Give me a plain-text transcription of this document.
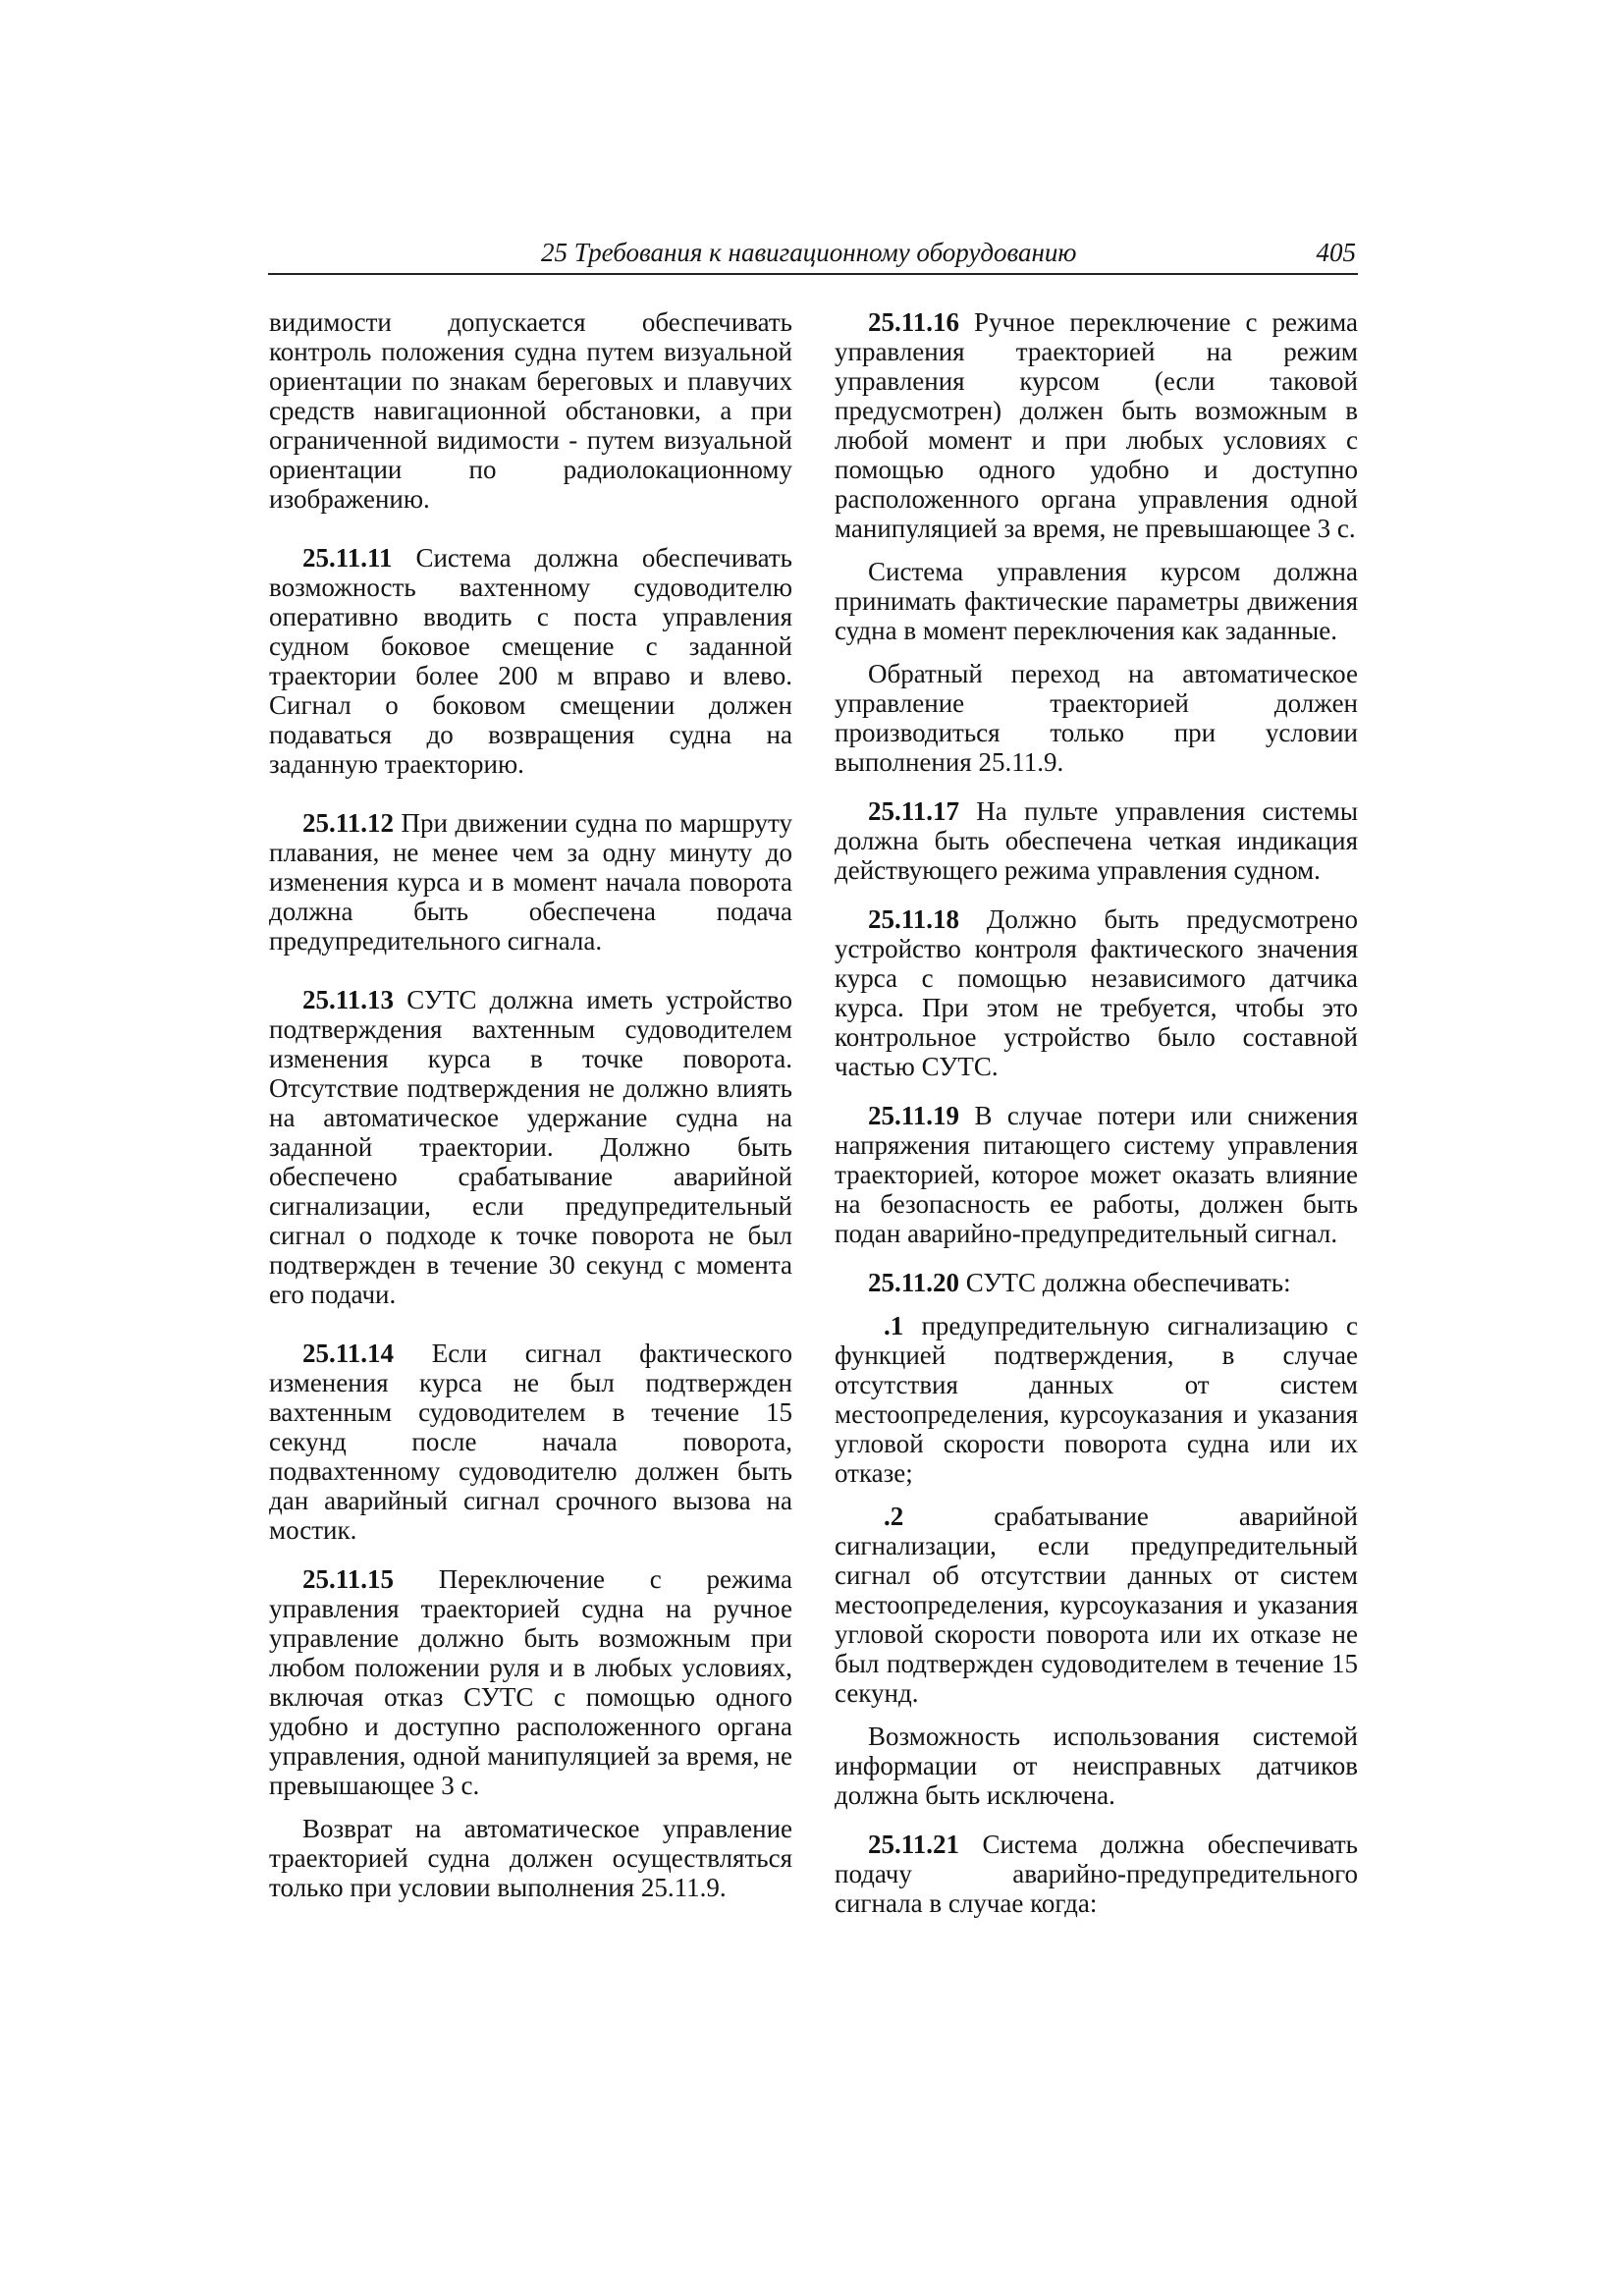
25 Требования к навигационному оборудованию	405

видимости допускается обеспечивать контроль положения судна путем визуальной ориентации по знакам береговых и плавучих средств навигационной обстановки, а при ограниченной видимости - путем визуальной ориентации по радиолокационному изображению.

25.11.11 Система должна обеспечивать возможность вахтенному судоводителю оперативно вводить с поста управления судном боковое смещение с заданной траектории более 200 м вправо и влево. Сигнал о боковом смещении должен подаваться до возвращения судна на заданную траекторию.

25.11.12 При движении судна по маршруту плавания, не менее чем за одну минуту до изменения курса и в момент начала поворота должна быть обеспечена подача предупредительного сигнала.

25.11.13 СУТС должна иметь устройство подтверждения вахтенным судоводителем изменения курса в точке поворота. Отсутствие подтверждения не должно влиять на автоматическое удержание судна на заданной траектории. Должно быть обеспечено срабатывание аварийной сигнализации, если предупредительный сигнал о подходе к точке поворота не был подтвержден в течение 30 секунд с момента его подачи.

25.11.14 Если сигнал фактического изменения курса не был подтвержден вахтенным судоводителем в течение 15 секунд после начала поворота, подвахтенному судоводителю должен быть дан аварийный сигнал срочного вызова на мостик.

25.11.15 Переключение с режима управления траекторией судна на ручное управление должно быть возможным при любом положении руля и в любых условиях, включая отказ СУТС с помощью одного удобно и доступно расположенного органа управления, одной манипуляцией за время, не превышающее 3 с.

Возврат на автоматическое управление траекторией судна должен осуществляться только при условии выполнения 25.11.9.

25.11.16 Ручное переключение с режима управления траекторией на режим управления курсом (если таковой предусмотрен) должен быть возможным в любой момент и при любых условиях с помощью одного удобно и доступно расположенного органа управления одной манипуляцией за время, не превышающее 3 с.

Система управления курсом должна принимать фактические параметры движения судна в момент переключения как заданные.

Обратный переход на автоматическое управление траекторией должен производиться только при условии выполнения 25.11.9.

25.11.17 На пульте управления системы должна быть обеспечена четкая индикация действующего режима управления судном.

25.11.18 Должно быть предусмотрено устройство контроля фактического значения курса с помощью независимого датчика курса. При этом не требуется, чтобы это контрольное устройство было составной частью СУТС.

25.11.19 В случае потери или снижения напряжения питающего систему управления траекторией, которое может оказать влияние на безопасность ее работы, должен быть подан аварийно-предупредительный сигнал.

25.11.20 СУТС должна обеспечивать:

.1 предупредительную сигнализацию с функцией подтверждения, в случае отсутствия данных от систем местоопределения, курсоуказания и указания угловой скорости поворота судна или их отказе;

.2 срабатывание аварийной сигнализации, если предупредительный сигнал об отсутствии данных от систем местоопределения, курсоуказания и указания угловой скорости поворота или их отказе не был подтвержден судоводителем в течение 15 секунд.

Возможность использования системой информации от неисправных датчиков должна быть исключена.

25.11.21 Система должна обеспечивать подачу аварийно-предупредительного сигнала в случае когда:
